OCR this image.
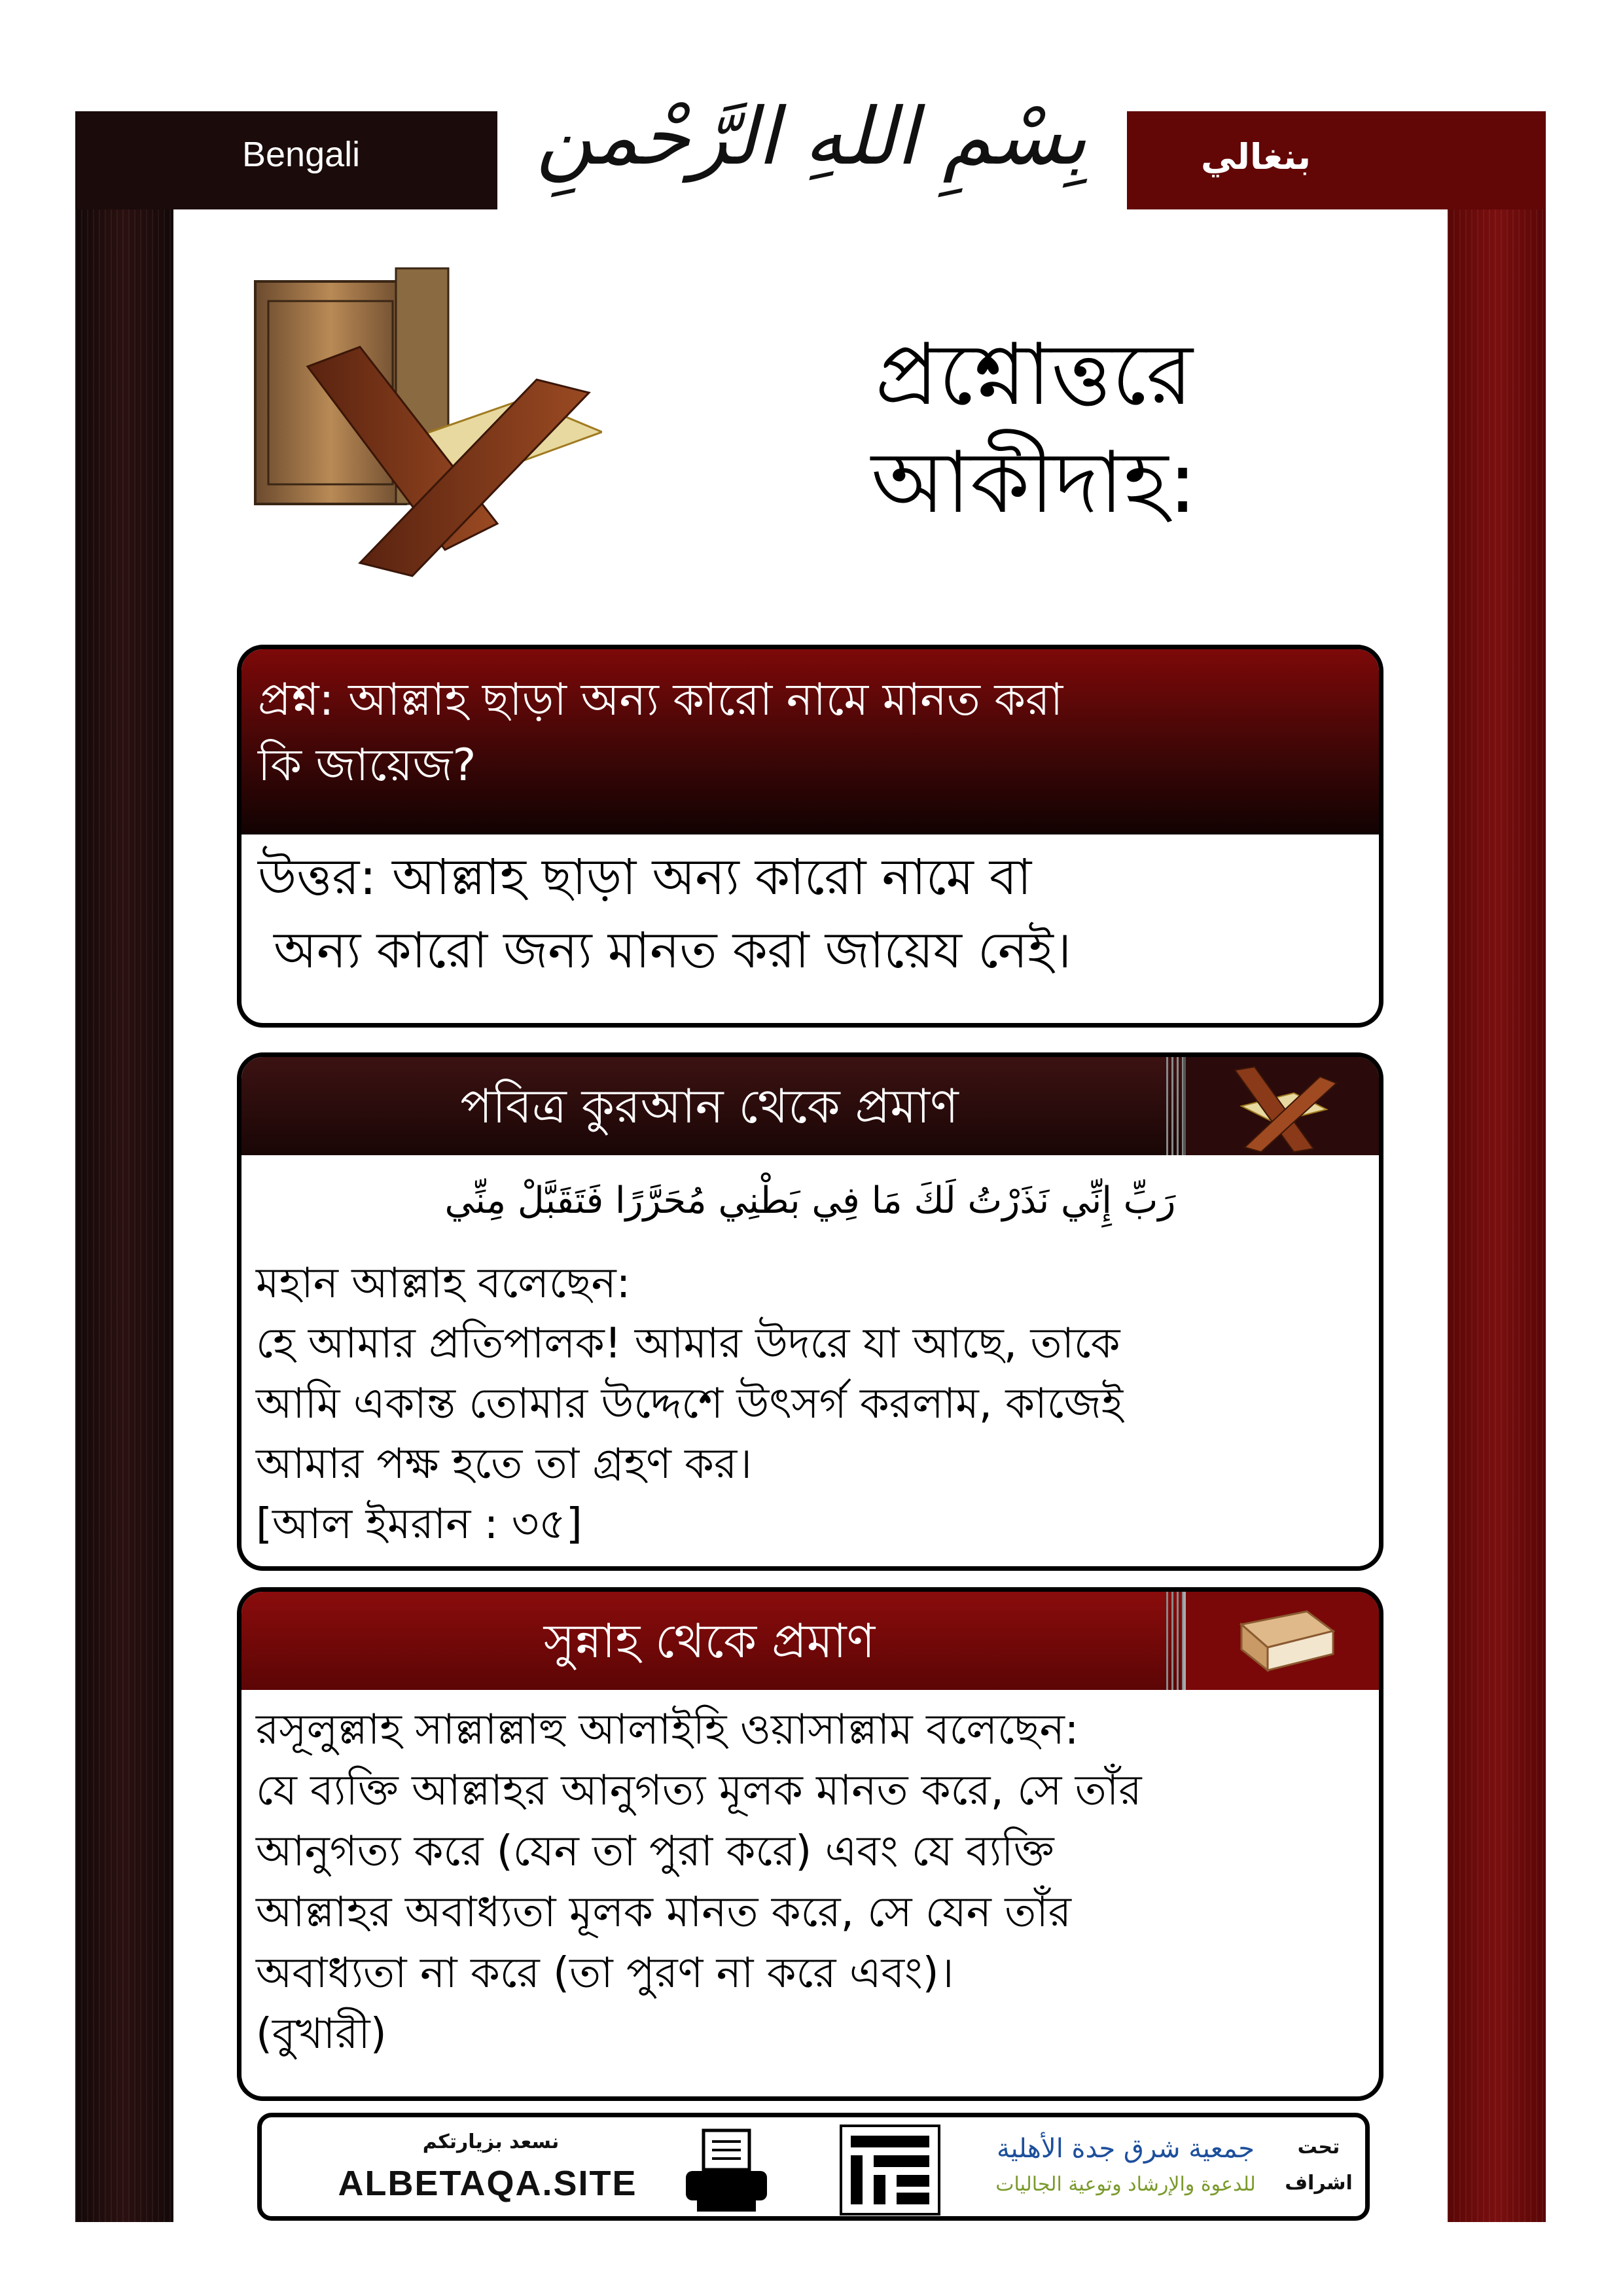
Bengali	بنغالي
بِسْمِ اللهِ الرَّحْمنِ
প্রশ্নোত্তরে
আকীদাহ:
প্রশ্ন: আল্লাহ ছাড়া অন্য কারো নামে মানত করা
কি জায়েজ?
উত্তর: আল্লাহ ছাড়া অন্য কারো নামে বা
অন্য কারো জন্য মানত করা জায়েয নেই।
পবিত্র কুরআন থেকে প্রমাণ
رَبِّ إِنِّي نَذَرْتُ لَكَ مَا فِي بَطْنِي مُحَرَّرًا فَتَقَبَّلْ مِنِّي
মহান আল্লাহ বলেছেন:
হে আমার প্রতিপালক! আমার উদরে যা আছে, তাকে
আমি একান্ত তোমার উদ্দেশে উৎসর্গ করলাম, কাজেই
আমার পক্ষ হতে তা গ্রহণ কর।
[আল ইমরান : ৩৫]
সুন্নাহ থেকে প্রমাণ
রসূলুল্লাহ সাল্লাল্লাহু আলাইহি ওয়াসাল্লাম বলেছেন:
যে ব্যক্তি আল্লাহর আনুগত্য মূলক মানত করে, সে তাঁর
আনুগত্য করে (যেন তা পুরা করে) এবং যে ব্যক্তি
আল্লাহর অবাধ্যতা মূলক মানত করে, সে যেন তাঁর
অবাধ্যতা না করে (তা পুরণ না করে এবং)।
(বুখারী)
نسعد بزيارتكم
ALBETAQA.SITE
جمعية شرق جدة الأهلية
للدعوة والإرشاد وتوعية الجاليات
تحت
اشراف
